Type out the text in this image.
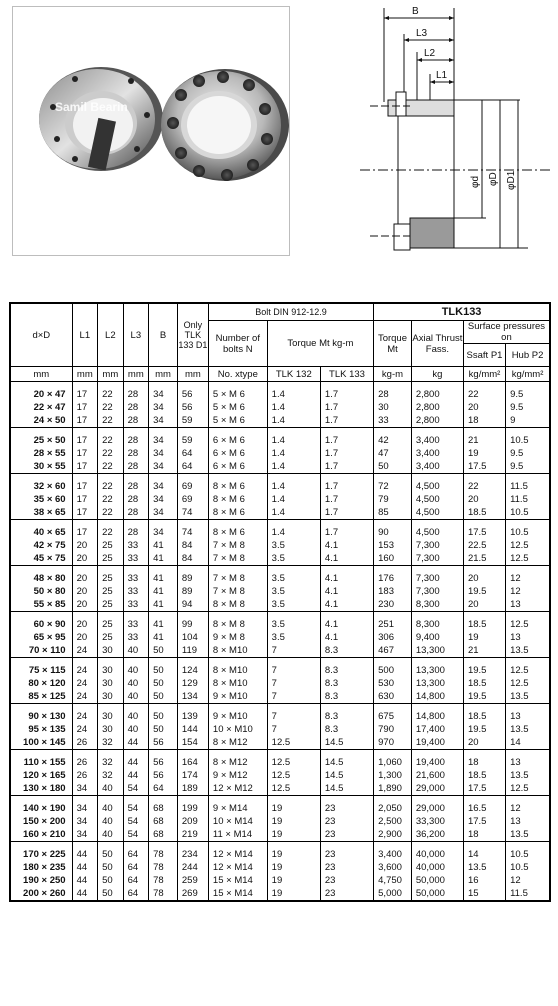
Samil Bearin
B
L3
L2
L1
φd φD φD1
d×D	L1	L2	L3	B	Only TLK 133 D1	Bolt DIN 912-12.9			TLK133			
						Number of bolts N	Torque Mt kg-m		Torque Mt	Axial Thrust Fass.	Surface pressures on	
											Ssaft P1	Hub P2
mm	mm	mm	mm	mm	mm	No. xtype	TLK 132	TLK 133	kg-m	kg	kg/mm²	kg/mm²

20 × 47	17	22	28	34	56	5 × M 6	1.4	1.7	28	2,800	22	9.5
22 × 47	17	22	28	34	56	5 × M 6	1.4	1.7	30	2,800	20	9.5
24 × 50	17	22	28	34	59	5 × M 6	1.4	1.7	33	2,800	18	9

25 × 50	17	22	28	34	59	6 × M 6	1.4	1.7	42	3,400	21	10.5
28 × 55	17	22	28	34	64	6 × M 6	1.4	1.7	47	3,400	19	9.5
30 × 55	17	22	28	34	64	6 × M 6	1.4	1.7	50	3,400	17.5	9.5

32 × 60	17	22	28	34	69	8 × M 6	1.4	1.7	72	4,500	22	11.5
35 × 60	17	22	28	34	69	8 × M 6	1.4	1.7	79	4,500	20	11.5
38 × 65	17	22	28	34	74	8 × M 6	1.4	1.7	85	4,500	18.5	10.5

40 × 65	17	22	28	34	74	8 × M 6	1.4	1.7	90	4,500	17.5	10.5
42 × 75	20	25	33	41	84	7 × M 8	3.5	4.1	153	7,300	22.5	12.5
45 × 75	20	25	33	41	84	7 × M 8	3.5	4.1	160	7,300	21.5	12.5

48 × 80	20	25	33	41	89	7 × M 8	3.5	4.1	176	7,300	20	12
50 × 80	20	25	33	41	89	7 × M 8	3.5	4.1	183	7,300	19.5	12
55 × 85	20	25	33	41	94	8 × M 8	3.5	4.1	230	8,300	20	13

60 × 90	20	25	33	41	99	8 × M 8	3.5	4.1	251	8,300	18.5	12.5
65 × 95	20	25	33	41	104	9 × M 8	3.5	4.1	306	9,400	19	13
70 × 110	24	30	40	50	119	8 × M10	7	8.3	467	13,300	21	13.5

75 × 115	24	30	40	50	124	8 × M10	7	8.3	500	13,300	19.5	12.5
80 × 120	24	30	40	50	129	8 × M10	7	8.3	530	13,300	18.5	12.5
85 × 125	24	30	40	50	134	9 × M10	7	8.3	630	14,800	19.5	13.5

90 × 130	24	30	40	50	139	9 × M10	7	8.3	675	14,800	18.5	13
95 × 135	24	30	40	50	144	10 × M10	7	8.3	790	17,400	19.5	13.5
100 × 145	26	32	44	56	154	8 × M12	12.5	14.5	970	19,400	20	14

110 × 155	26	32	44	56	164	8 × M12	12.5	14.5	1,060	19,400	18	13
120 × 165	26	32	44	56	174	9 × M12	12.5	14.5	1,300	21,600	18.5	13.5
130 × 180	34	40	54	64	189	12 × M12	12.5	14.5	1,890	29,000	17.5	12.5

140 × 190	34	40	54	68	199	9 × M14	19	23	2,050	29,000	16.5	12
150 × 200	34	40	54	68	209	10 × M14	19	23	2,500	33,300	17.5	13
160 × 210	34	40	54	68	219	11 × M14	19	23	2,900	36,200	18	13.5

170 × 225	44	50	64	78	234	12 × M14	19	23	3,400	40,000	14	10.5
180 × 235	44	50	64	78	244	12 × M14	19	23	3,600	40,000	13.5	10.5
190 × 250	44	50	64	78	259	15 × M14	19	23	4,750	50,000	16	12
200 × 260	44	50	64	78	269	15 × M14	19	23	5,000	50,000	15	11.5
